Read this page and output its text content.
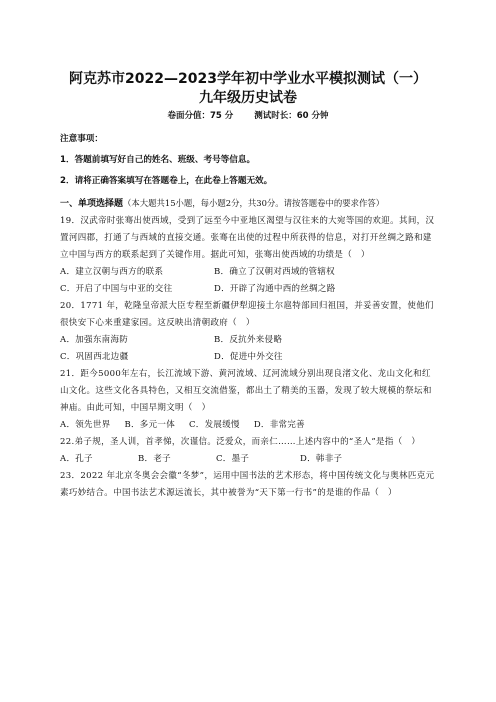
阿克苏市2022—2023学年初中学业水平模拟测试（一）

九年级历史试卷

卷面分值：75 分 测试时长：60 分钟

注意事项：

1．答题前填写好自己的姓名、班级、考号等信息。

2．请将正确答案填写在答题卷上，在此卷上答题无效。

一、单项选择题（本大题共15小题，每小题2分，共30分。请按答题卷中的要求作答）

19．汉武帝时张骞出使西域，受到了远至今中亚地区渴望与汉往来的大宛等国的欢迎。其间，汉置河四郡，打通了与西域的直接交通。张骞在出使的过程中所获得的信息，对打开丝绸之路和建立中国与西方的联系起到了关键作用。据此可知，张骞出使西域的功绩是（　）

A．建立汉朝与西方的联系	B．确立了汉朝对西域的管辖权
C．开启了中国与中亚的交往	D．开辟了沟通中西的丝绸之路

20．1771 年，乾隆皇帝派大臣专程至新疆伊犁迎接土尔扈特部回归祖国，并妥善安置，使他们很快安下心来重建家园。这反映出清朝政府（　）

A．加强东南海防	B．反抗外来侵略
C．巩固西北边疆	D．促进中外交往

21．距今5000年左右，长江流域下游、黄河流域、辽河流域分别出现良渚文化、龙山文化和红山文化。这些文化各具特色，又相互交流借鉴，都出土了精美的玉器，发现了较大规模的祭坛和神庙。由此可知，中国早期文明（　）

A．领先世界 B．多元一体 C．发展缓慢 D．非常完善

22.弟子规，圣人训，首孝悌，次谨信。泛爱众，而亲仁……上述内容中的“圣人”是指（　）

A．孔子	B．老子	C．墨子	D．韩非子

23．2022 年北京冬奥会会徽“冬梦”，运用中国书法的艺术形态，将中国传统文化与奥林匹克元素巧妙结合。中国书法艺术源远流长，其中被誉为“天下第一行书”的是谁的作品（　）
